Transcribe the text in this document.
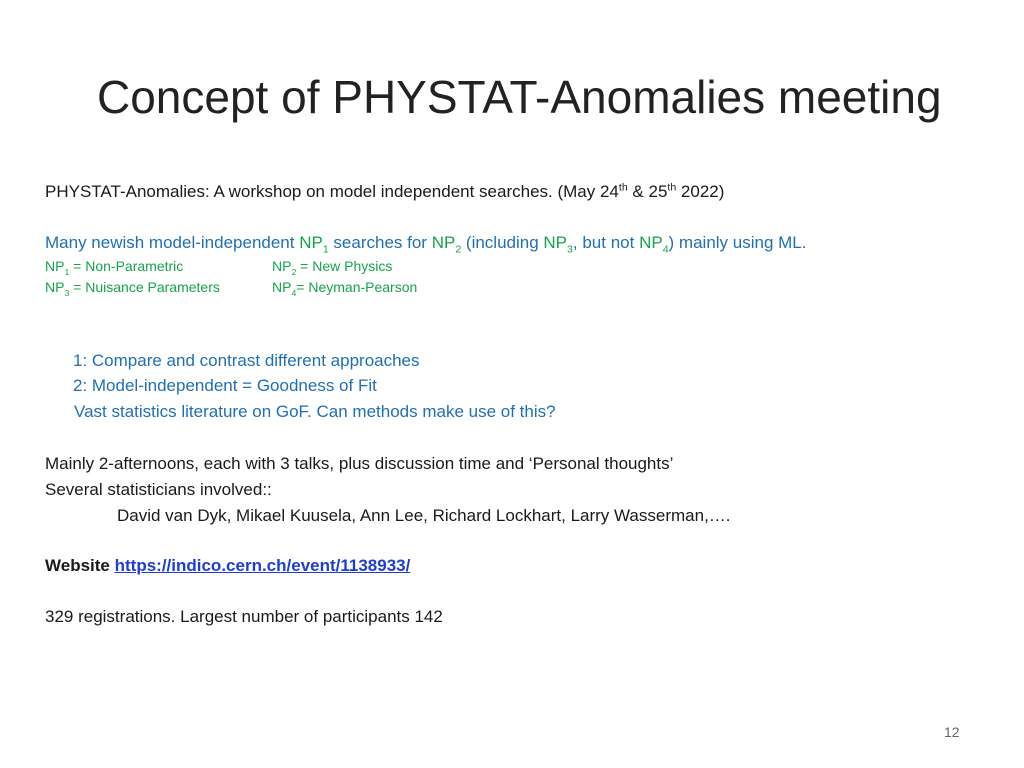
Concept of PHYSTAT-Anomalies meeting
PHYSTAT-Anomalies: A workshop on model independent searches. (May 24th & 25th 2022)
Many newish model-independent $NP_1$ searches for $NP_2$ (including $NP_3$, but not $NP_4$) mainly using ML.
$NP_1$ = Non-Parametric	$NP_2$ = New Physics
$NP_3$ = Nuisance Parameters	$NP_4=$ Neyman-Pearson
1: Compare and contrast different approaches
2: Model-independent = Goodness of Fit
Vast statistics literature on GoF. Can methods make use of this?
Mainly 2-afternoons, each with 3 talks, plus discussion time and ‘Personal thoughts’
Several statisticians involved::
David van Dyk, Mikael Kuusela, Ann Lee, Richard Lockhart, Larry Wasserman,….
Website https://indico.cern.ch/event/1138933/
329 registrations. Largest number of participants 142
12
